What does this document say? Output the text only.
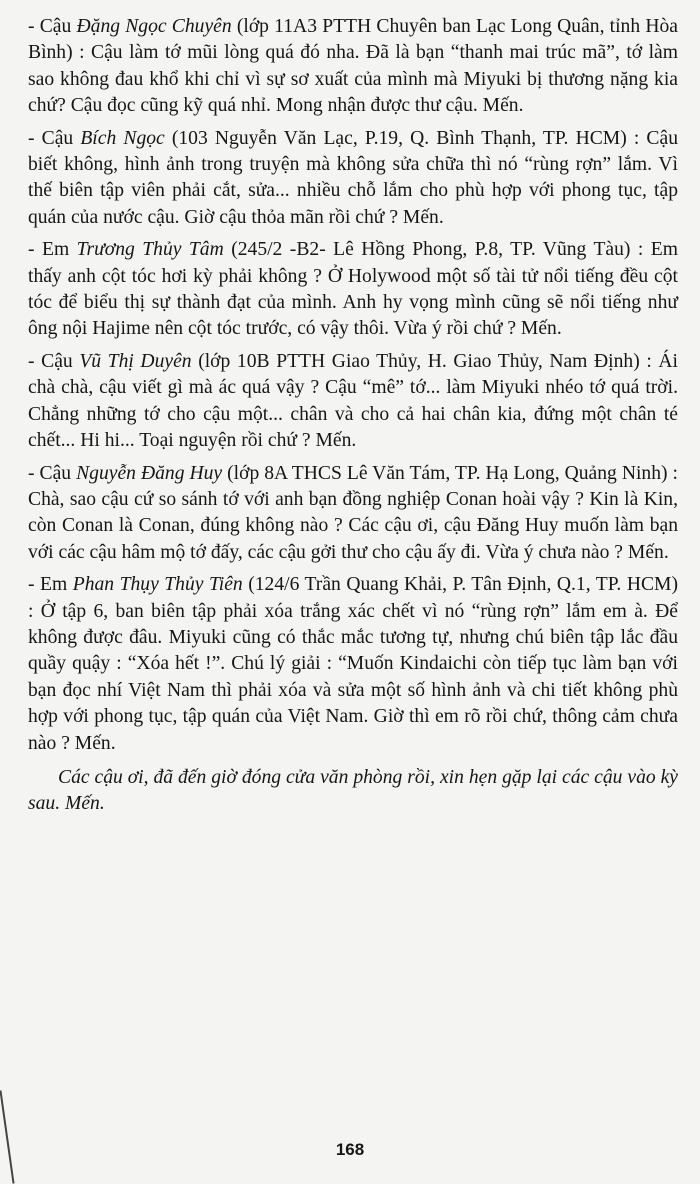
- Cậu Đặng Ngọc Chuyên (lớp 11A3 PTTH Chuyên ban Lạc Long Quân, tỉnh Hòa Bình) : Cậu làm tớ mũi lòng quá đó nha. Đã là bạn “thanh mai trúc mã”, tớ làm sao không đau khổ khi chỉ vì sự sơ xuất của mình mà Miyuki bị thương nặng kia chứ? Cậu đọc cũng kỹ quá nhỉ. Mong nhận được thư cậu. Mến.

- Cậu Bích Ngọc (103 Nguyễn Văn Lạc, P.19, Q. Bình Thạnh, TP. HCM) : Cậu biết không, hình ảnh trong truyện mà không sửa chữa thì nó “rùng rợn” lắm. Vì thế biên tập viên phải cắt, sửa... nhiều chỗ lắm cho phù hợp với phong tục, tập quán của nước cậu. Giờ cậu thỏa mãn rồi chứ ? Mến.

- Em Trương Thủy Tâm (245/2 -B2- Lê Hồng Phong, P.8, TP. Vũng Tàu) : Em thấy anh cột tóc hơi kỳ phải không ? Ở Holywood một số tài tử nổi tiếng đều cột tóc để biểu thị sự thành đạt của mình. Anh hy vọng mình cũng sẽ nổi tiếng như ông nội Hajime nên cột tóc trước, có vậy thôi. Vừa ý rồi chứ ? Mến.

- Cậu Vũ Thị Duyên (lớp 10B PTTH Giao Thủy, H. Giao Thủy, Nam Định) : Ái chà chà, cậu viết gì mà ác quá vậy ? Cậu “mê” tớ... làm Miyuki nhéo tớ quá trời. Chẳng những tớ cho cậu một... chân và cho cả hai chân kia, đứng một chân té chết... Hi hi... Toại nguyện rồi chứ ? Mến.

- Cậu Nguyễn Đăng Huy (lớp 8A THCS Lê Văn Tám, TP. Hạ Long, Quảng Ninh) : Chà, sao cậu cứ so sánh tớ với anh bạn đồng nghiệp Conan hoài vậy ? Kin là Kin, còn Conan là Conan, đúng không nào ? Các cậu ơi, cậu Đăng Huy muốn làm bạn với các cậu hâm mộ tớ đấy, các cậu gởi thư cho cậu ấy đi. Vừa ý chưa nào ? Mến.

- Em Phan Thụy Thủy Tiên (124/6 Trần Quang Khải, P. Tân Định, Q.1, TP. HCM) : Ở tập 6, ban biên tập phải xóa trắng xác chết vì nó “rùng rợn” lắm em à. Để không được đâu. Miyuki cũng có thắc mắc tương tự, nhưng chú biên tập lắc đầu quầy quậy : “Xóa hết !”. Chú lý giải : “Muốn Kindaichi còn tiếp tục làm bạn với bạn đọc nhí Việt Nam thì phải xóa và sửa một số hình ảnh và chi tiết không phù hợp với phong tục, tập quán của Việt Nam. Giờ thì em rõ rồi chứ, thông cảm chưa nào ? Mến.

Các cậu ơi, đã đến giờ đóng cửa văn phòng rồi, xin hẹn gặp lại các cậu vào kỳ sau. Mến.

168
